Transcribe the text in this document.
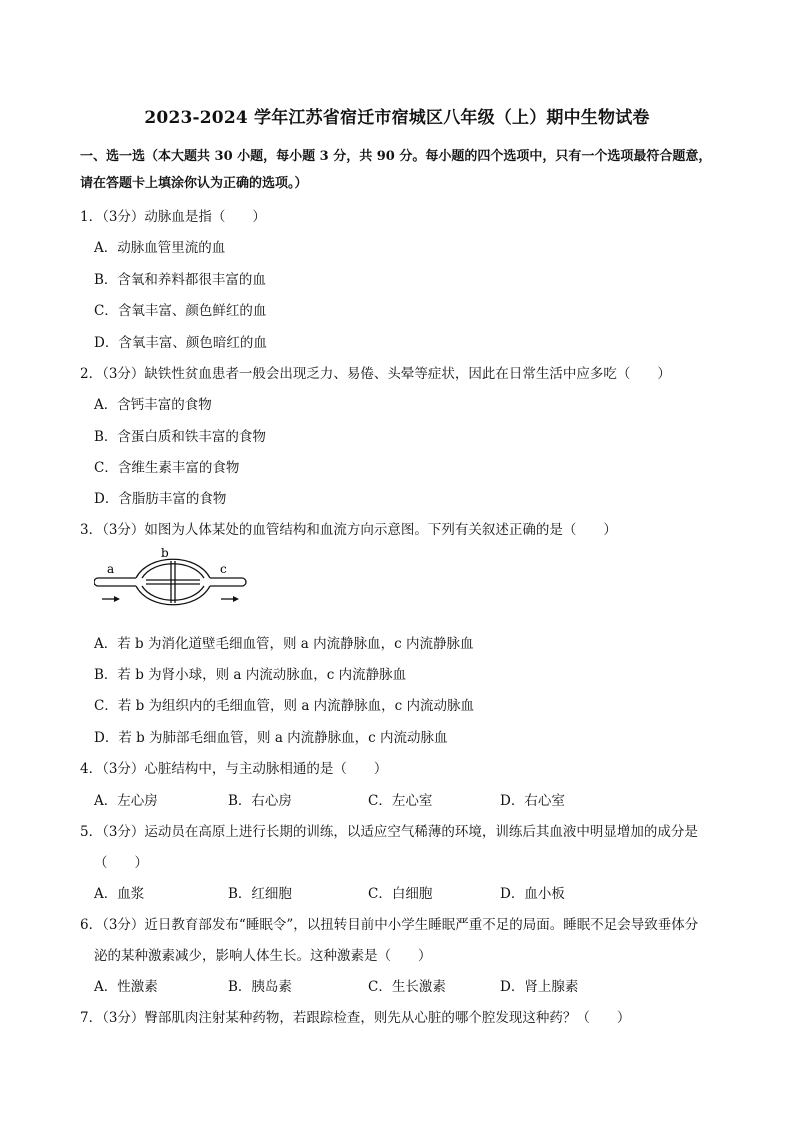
2023-2024 学年江苏省宿迁市宿城区八年级（上）期中生物试卷
一、选一选（本大题共 30 小题，每小题 3 分，共 90 分。每小题的四个选项中，只有一个选项最符合题意，请在答题卡上填涂你认为正确的选项。）
1．（3分）动脉血是指（　　）
A．动脉血管里流的血
B．含氧和养料都很丰富的血
C．含氧丰富、颜色鲜红的血
D．含氧丰富、颜色暗红的血
2．（3分）缺铁性贫血患者一般会出现乏力、易倦、头晕等症状，因此在日常生活中应多吃（　　）
A．含钙丰富的食物
B．含蛋白质和铁丰富的食物
C．含维生素丰富的食物
D．含脂肪丰富的食物
3．（3分）如图为人体某处的血管结构和血流方向示意图。下列有关叙述正确的是（　　）
a
b
c
A．若 b 为消化道壁毛细血管，则 a 内流静脉血，c 内流静脉血
B．若 b 为肾小球，则 a 内流动脉血，c 内流静脉血
C．若 b 为组织内的毛细血管，则 a 内流静脉血，c 内流动脉血
D．若 b 为肺部毛细血管，则 a 内流静脉血，c 内流动脉血
4．（3分）心脏结构中，与主动脉相通的是（　　）
A．左心房	B．右心房	C．左心室	D．右心室
5．（3分）运动员在高原上进行长期的训练，以适应空气稀薄的环境，训练后其血液中明显增加的成分是
（　　）
A．血浆	B．红细胞	C．白细胞	D．血小板
6．（3分）近日教育部发布“睡眠令”，以扭转目前中小学生睡眠严重不足的局面。睡眠不足会导致垂体分
泌的某种激素减少，影响人体生长。这种激素是（　　）
A．性激素	B．胰岛素	C．生长激素	D．肾上腺素
7．（3分）臀部肌肉注射某种药物，若跟踪检查，则先从心脏的哪个腔发现这种药？（　　）
